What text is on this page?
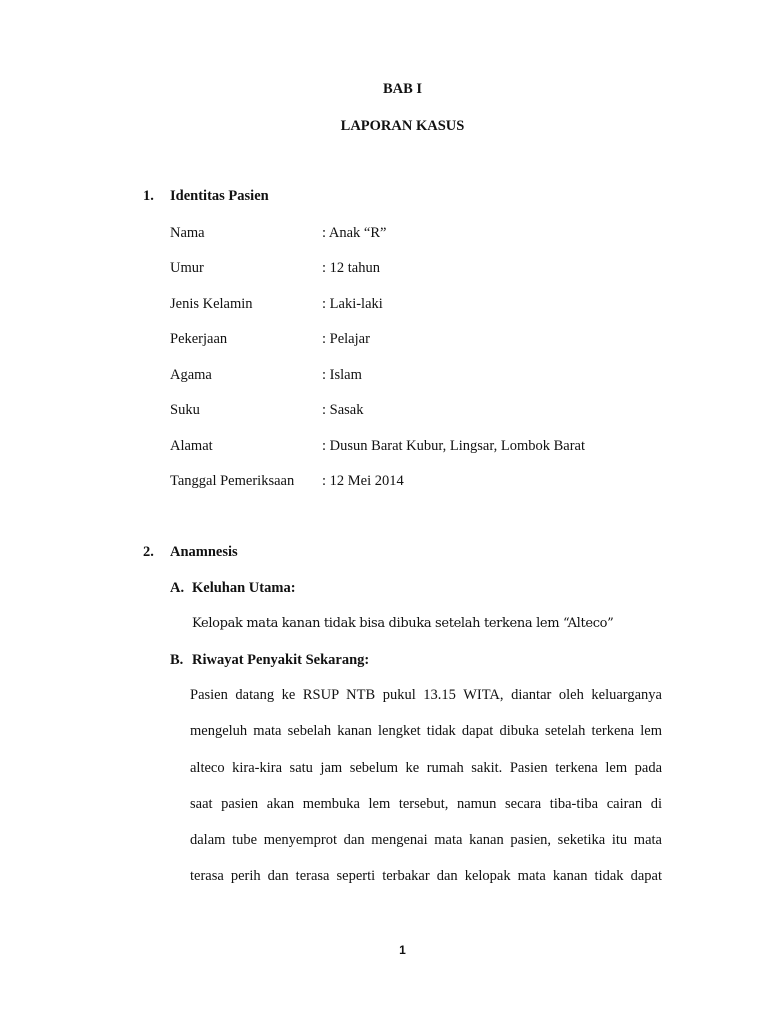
BAB I
LAPORAN KASUS
1. Identitas Pasien
Nama	: Anak “R”
Umur	: 12 tahun
Jenis Kelamin	: Laki-laki
Pekerjaan	: Pelajar
Agama	: Islam
Suku	: Sasak
Alamat	: Dusun Barat Kubur, Lingsar, Lombok Barat
Tanggal Pemeriksaan : 12 Mei 2014
2. Anamnesis
A. Keluhan Utama:
Kelopak mata kanan tidak bisa dibuka setelah terkena lem “Alteco”
B. Riwayat Penyakit Sekarang:
Pasien datang ke RSUP NTB pukul 13.15 WITA, diantar oleh keluarganya
mengeluh mata sebelah kanan lengket tidak dapat dibuka setelah terkena lem
alteco kira-kira satu jam sebelum ke rumah sakit. Pasien terkena lem pada
saat pasien akan membuka lem tersebut, namun secara tiba-tiba cairan di
dalam tube menyemprot dan mengenai mata kanan pasien, seketika itu mata
terasa perih dan terasa seperti terbakar dan kelopak mata kanan tidak dapat
1
